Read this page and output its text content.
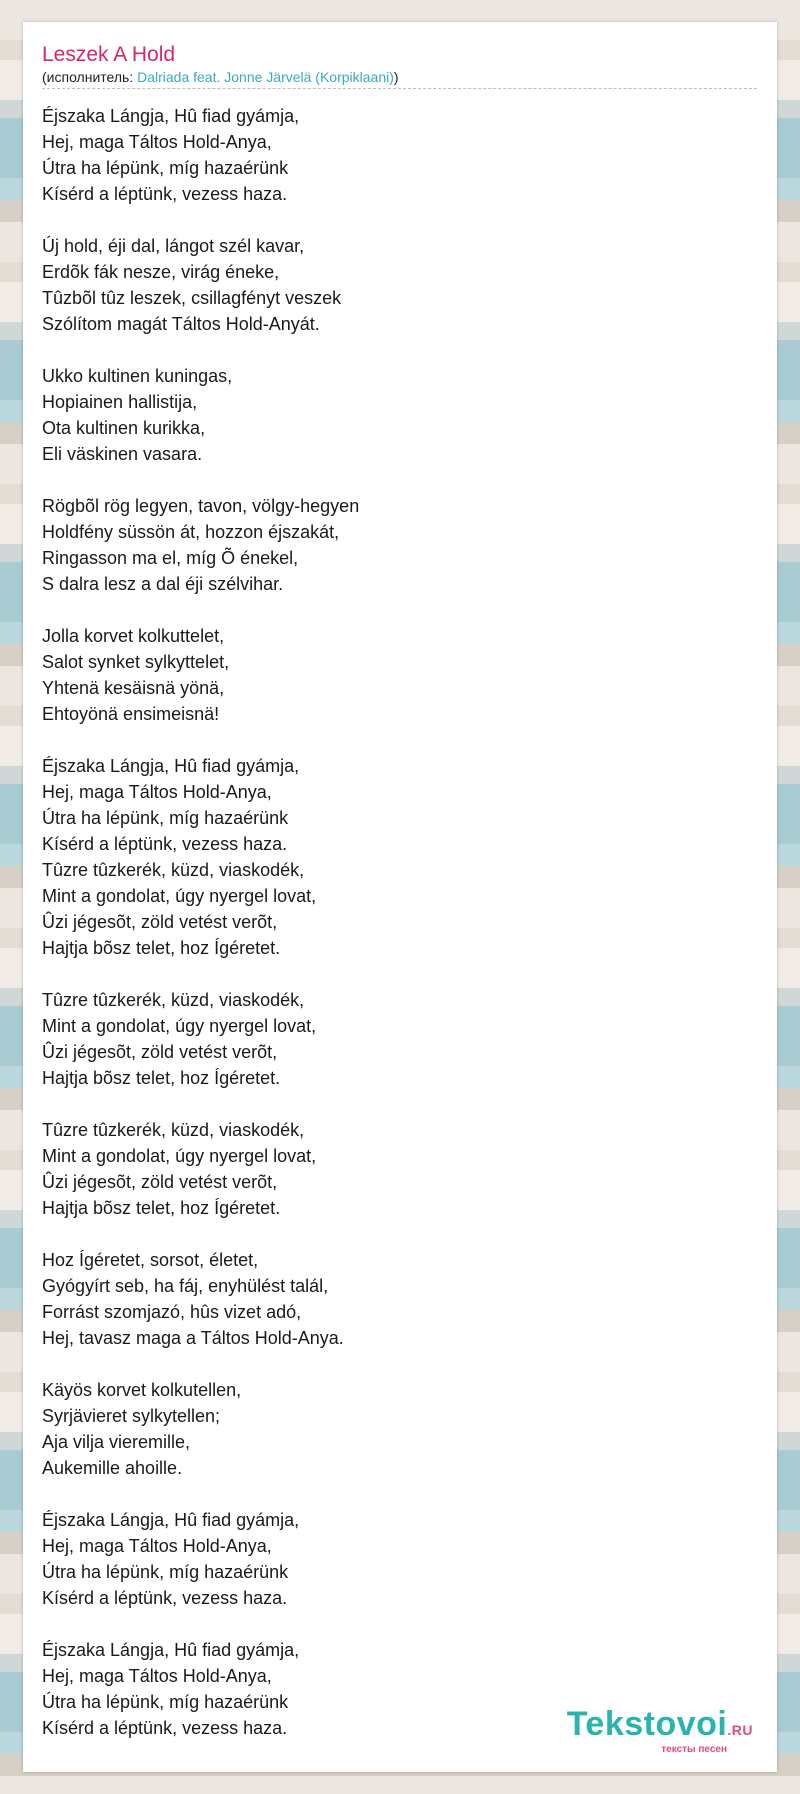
Leszek A Hold
(исполнитель: Dalriada feat. Jonne Järvelä (Korpiklaani))
Éjszaka Lángja, Hû fiad gyámja,
Hej, maga Táltos Hold-Anya,
Útra ha lépünk, míg hazaérünk
Kísérd a léptünk, vezess haza.
Új hold, éji dal, lángot szél kavar,
Erdõk fák nesze, virág éneke,
Tûzbõl tûz leszek, csillagfényt veszek
Szólítom magát Táltos Hold-Anyát.
Ukko kultinen kuningas,
Hopiainen hallistija,
Ota kultinen kurikka,
Eli väskinen vasara.
Rögbõl rög legyen, tavon, völgy-hegyen
Holdfény süssön át, hozzon éjszakát,
Ringasson ma el, míg Õ énekel,
S dalra lesz a dal éji szélvihar.
Jolla korvet kolkuttelet,
Salot synket sylkyttelet,
Yhtenä kesäisnä yönä,
Ehtoyönä ensimeisnä!
Éjszaka Lángja, Hû fiad gyámja,
Hej, maga Táltos Hold-Anya,
Útra ha lépünk, míg hazaérünk
Kísérd a léptünk, vezess haza.
Tûzre tûzkerék, küzd, viaskodék,
Mint a gondolat, úgy nyergel lovat,
Ûzi jégesõt, zöld vetést verõt,
Hajtja bõsz telet, hoz Ígéretet.
Tûzre tûzkerék, küzd, viaskodék,
Mint a gondolat, úgy nyergel lovat,
Ûzi jégesõt, zöld vetést verõt,
Hajtja bõsz telet, hoz Ígéretet.
Tûzre tûzkerék, küzd, viaskodék,
Mint a gondolat, úgy nyergel lovat,
Ûzi jégesõt, zöld vetést verõt,
Hajtja bõsz telet, hoz Ígéretet.
Hoz Ígéretet, sorsot, életet,
Gyógyírt seb, ha fáj, enyhülést talál,
Forrást szomjazó, hûs vizet adó,
Hej, tavasz maga a Táltos Hold-Anya.
Käyös korvet kolkutellen,
Syrjävieret sylkytellen;
Aja vilja vieremille,
Aukemille ahoille.
Éjszaka Lángja, Hû fiad gyámja,
Hej, maga Táltos Hold-Anya,
Útra ha lépünk, míg hazaérünk
Kísérd a léptünk, vezess haza.
Éjszaka Lángja, Hû fiad gyámja,
Hej, maga Táltos Hold-Anya,
Útra ha lépünk, míg hazaérünk
Kísérd a léptünk, vezess haza.	Tekstovoi.RU
тексты песен
